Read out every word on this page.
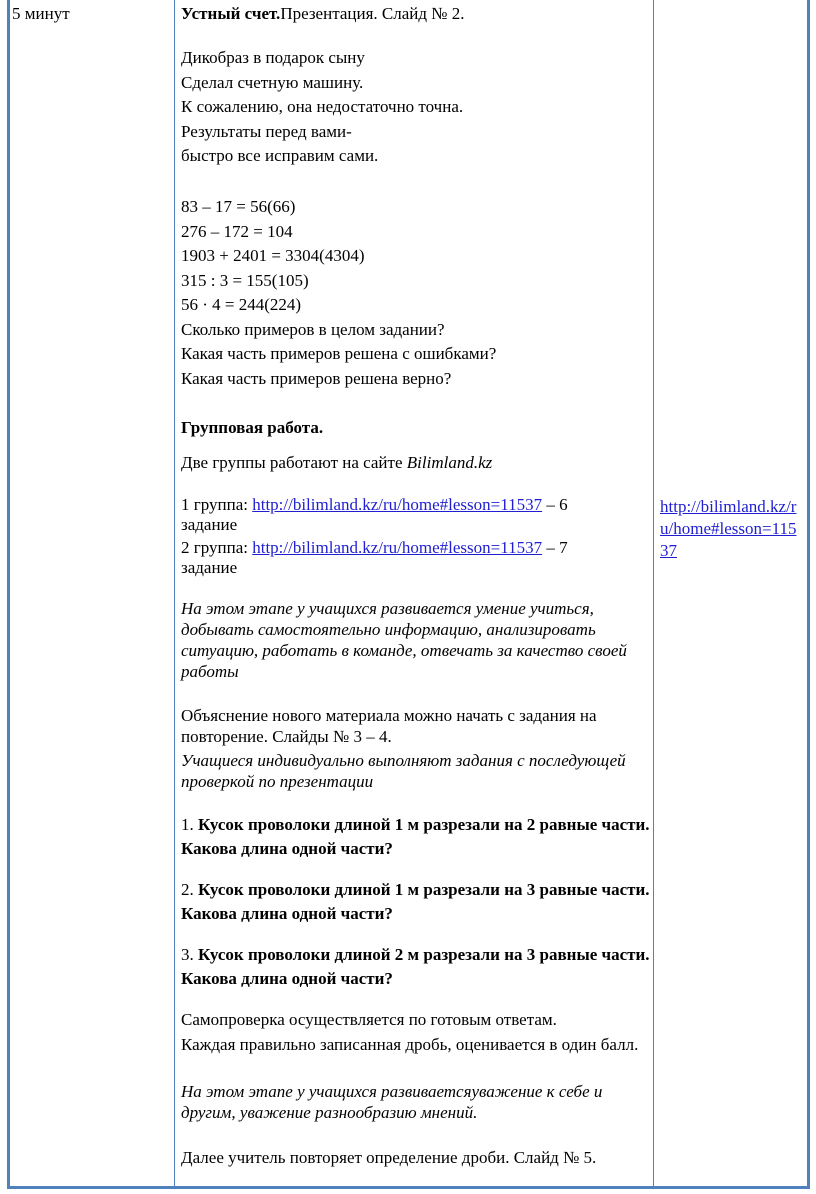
5 минут	Устный счет.Презентация. Слайд № 2.

Дикобраз в подарок сыну

Сделал счетную машину.

К сожалению, она недостаточно точна.

Результаты перед вами-

быстро все исправим сами.

83 – 17 = 56(66)

276 – 172 = 104

1903 + 2401 = 3304(4304)

315 : 3 = 155(105)

56 · 4 = 244(224)

Сколько примеров в целом задании?

Какая часть примеров решена с ошибками?

Какая часть примеров решена верно?

Групповая работа.
Две группы работают на сайте Bilimland.kz
1 группа: http://bilimland.kz/ru/home#lesson=11537 – 6
задание
2 группа: http://bilimland.kz/ru/home#lesson=11537 – 7
задание
На этом этапе у учащихся развивается умение учиться, добывать самостоятельно информацию, анализировать ситуацию, работать в команде, отвечать за качество своей работы
Объяснение нового материала можно начать с задания на повторение. Слайды № 3 – 4.
Учащиеся индивидуально выполняют задания с последующей проверкой по презентации
1. Кусок проволоки длиной 1 м разрезали на 2 равные части. Какова длина одной части?
2. Кусок проволоки длиной 1 м разрезали на 3 равные части. Какова длина одной части?
3. Кусок проволоки длиной 2 м разрезали на 3 равные части. Какова длина одной части?
Самопроверка осуществляется по готовым ответам.
Каждая правильно записанная дробь, оценивается в один балл.
На этом этапе у учащихся развиваетсяуважение к себе и другим, уважение разнообразию мнений.
Далее учитель повторяет определение дроби. Слайд № 5.
http://bilimland.kz/ru/home#lesson=11537
